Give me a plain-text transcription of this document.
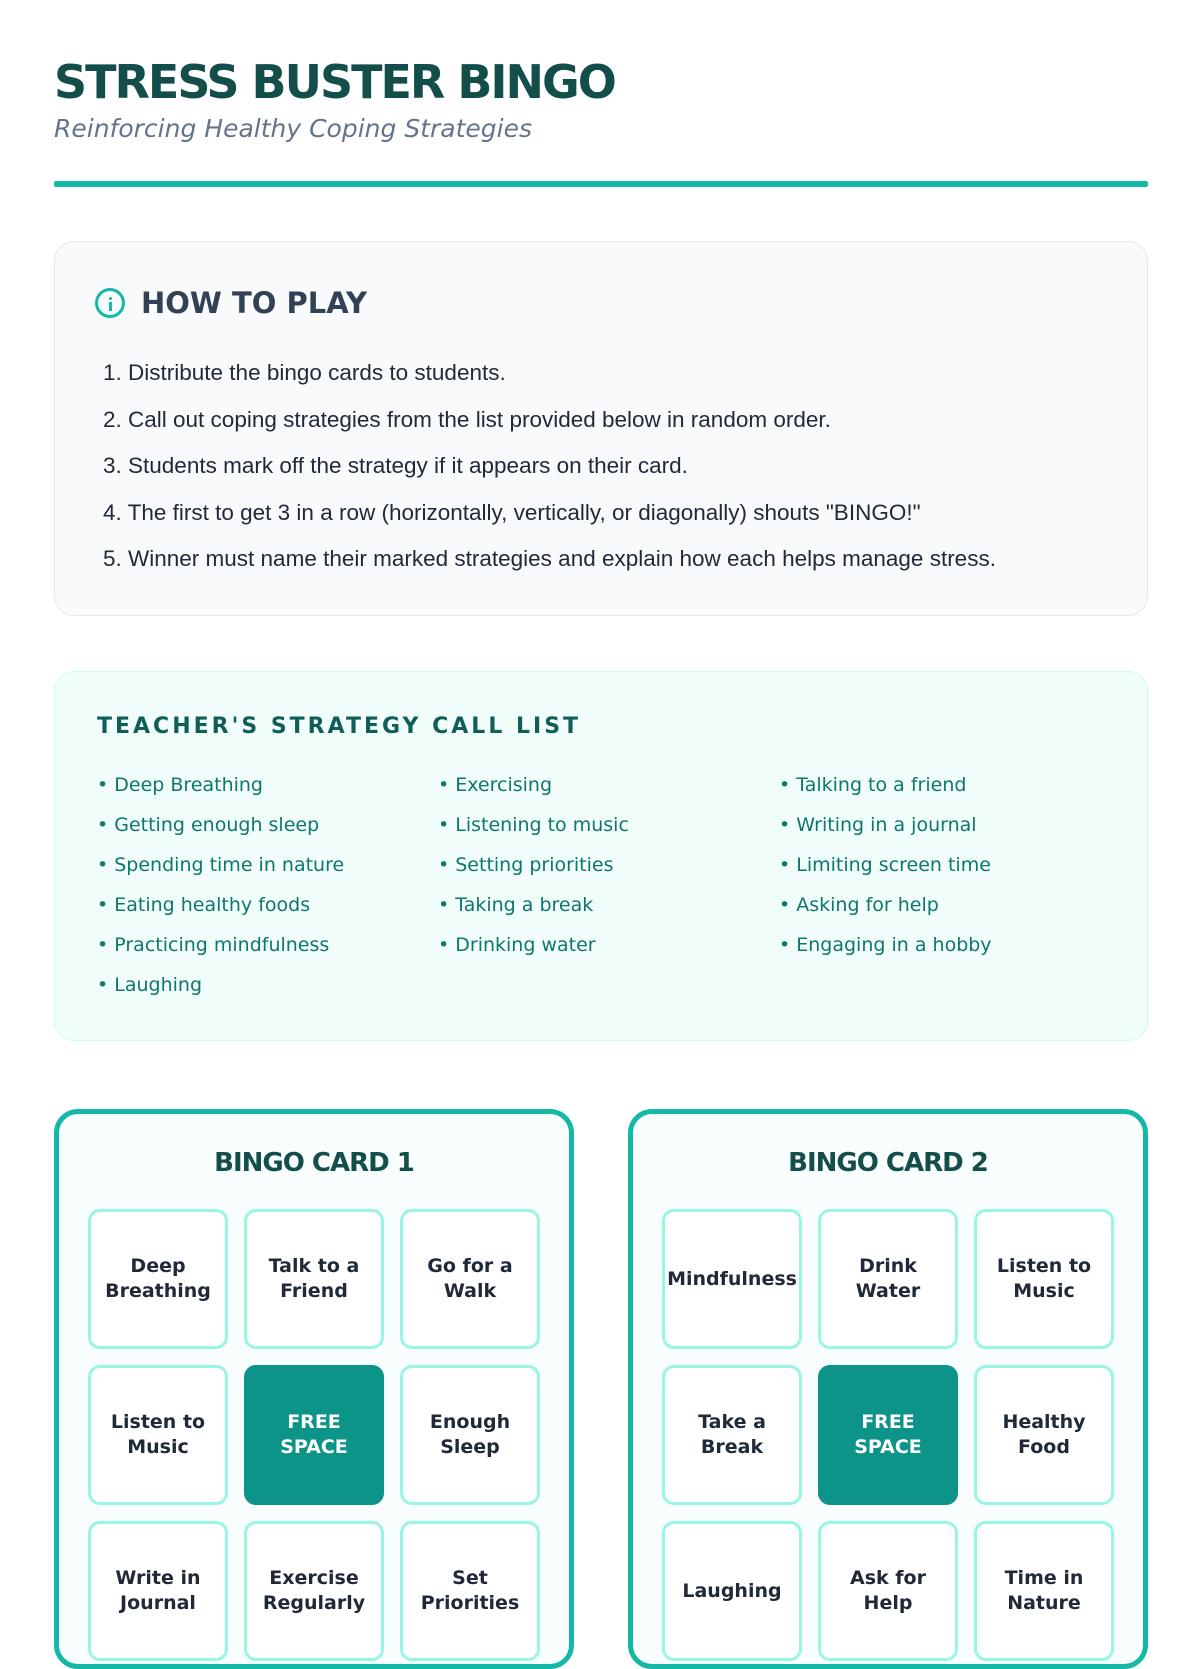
STRESS BUSTER BINGO
Reinforcing Healthy Coping Strategies
HOW TO PLAY
1. Distribute the bingo cards to students.
2. Call out coping strategies from the list provided below in random order.
3. Students mark off the strategy if it appears on their card.
4. The first to get 3 in a row (horizontally, vertically, or diagonally) shouts "BINGO!"
5. Winner must name their marked strategies and explain how each helps manage stress.
TEACHER'S STRATEGY CALL LIST
• Deep Breathing	• Exercising	• Talking to a friend
• Getting enough sleep	• Listening to music	• Writing in a journal
• Spending time in nature	• Setting priorities	• Limiting screen time
• Eating healthy foods	• Taking a break	• Asking for help
• Practicing mindfulness	• Drinking water	• Engaging in a hobby
• Laughing
BINGO CARD 1
Deep Breathing
Talk to a Friend
Go for a Walk
Listen to Music
FREE SPACE
Enough Sleep
Write in Journal
Exercise Regularly
Set Priorities
BINGO CARD 2
Mindfulness
Drink Water
Listen to Music
Take a Break
FREE SPACE
Healthy Food
Laughing
Ask for Help
Time in Nature
